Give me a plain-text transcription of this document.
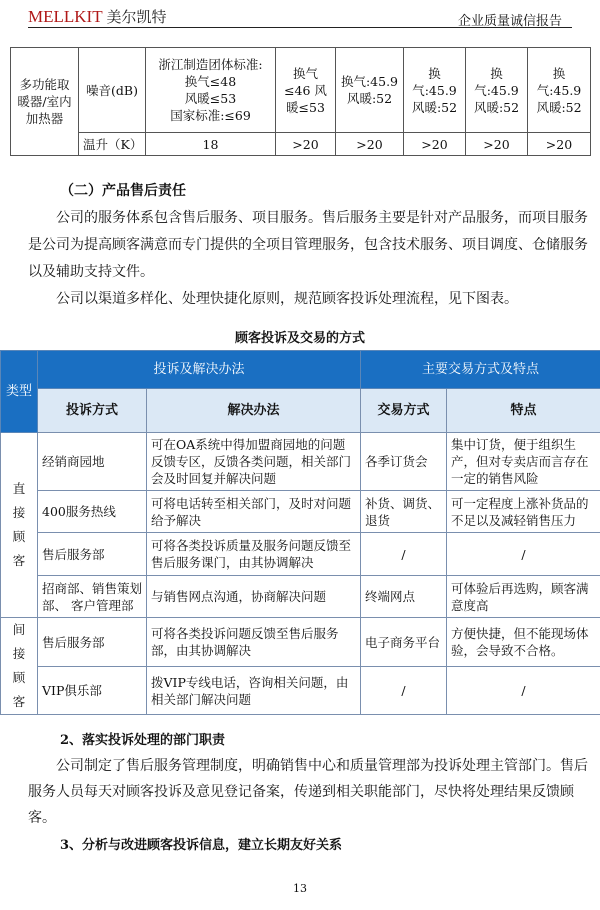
MELLKIT 美尔凯特	企业质量诚信报告
多功能取暖器/室内加热器	噪音(dB)	浙江制造团体标准:
换气≤48
风暖≤53
国家标准:≤69	换气≤46 风暖≤53	换气:45.9 风暖:52	换气:45.9 风暖:52	换气:45.9 风暖:52	换气:45.9 风暖:52
	温升（K）	18	>20	>20	>20	>20	>20
（二）产品售后责任
公司的服务体系包含售后服务、项目服务。售后服务主要是针对产品服务，而项目服务是公司为提高顾客满意而专门提供的全项目管理服务，包含技术服务、项目调度、仓储服务以及辅助支持文件。
公司以渠道多样化、处理快捷化原则，规范顾客投诉处理流程，见下图表。
顾客投诉及交易的方式
类型	投诉及解决办法		主要交易方式及特点	
	投诉方式	解决办法	交易方式	特点
直接顾客	经销商园地	可在OA系统中得加盟商园地的问题反馈专区，反馈各类问题，相关部门会及时回复并解决问题	各季订货会	集中订货，便于组织生产，但对专卖店而言存在一定的销售风险
	400服务热线	可将电话转至相关部门，及时对问题给予解决	补货、调货、退货	可一定程度上涨补货品的不足以及减轻销售压力
	售后服务部	可将各类投诉质量及服务问题反馈至售后服务课门，由其协调解决	/	/
	招商部、销售策划部、 客户管理部	与销售网点沟通，协商解决问题	终端网点	可体验后再选购，顾客满意度高
间接顾客	售后服务部	可将各类投诉问题反馈至售后服务部，由其协调解决	电子商务平台	方便快捷，但不能现场体验，会导致不合格。
	VIP俱乐部	拨VIP专线电话，咨询相关问题，由相关部门解决问题	/	/
2、落实投诉处理的部门职责
公司制定了售后服务管理制度，明确销售中心和质量管理部为投诉处理主管部门。售后服务人员每天对顾客投诉及意见登记备案，传递到相关职能部门，尽快将处理结果反馈顾客。
3、分析与改进顾客投诉信息，建立长期友好关系
13
